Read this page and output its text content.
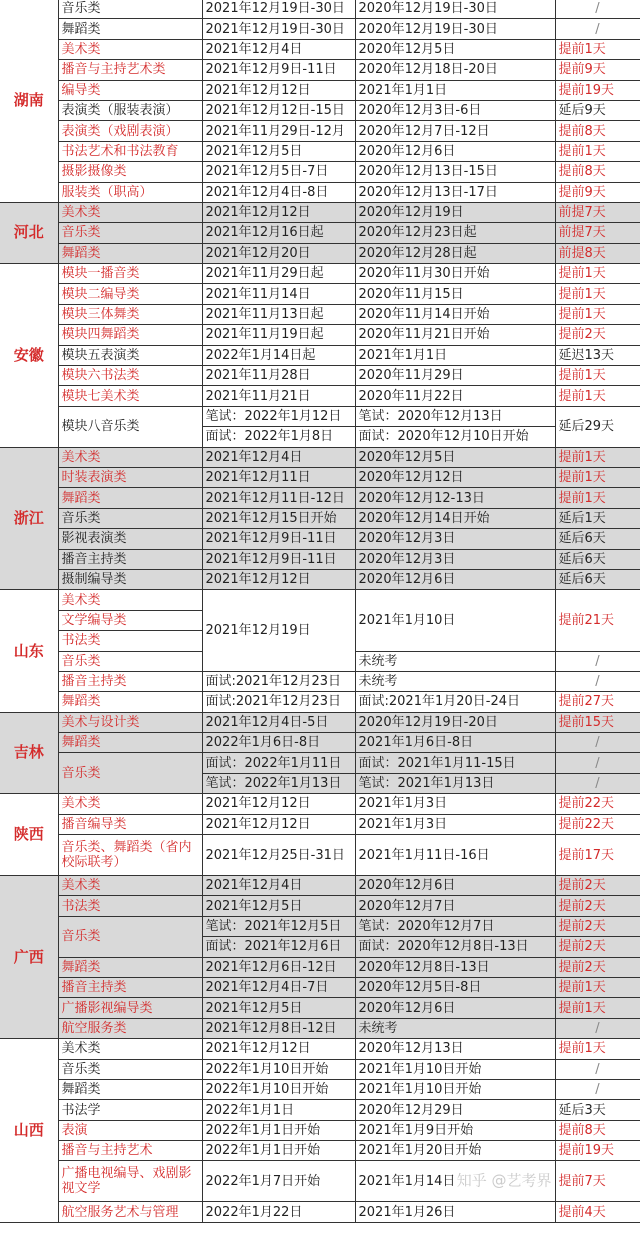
湖南	音乐类	2021年12月19日-30日	2020年12月19日-30日	/
	舞蹈类	2021年12月19日-30日	2020年12月19日-30日	/
	美术类	2021年12月4日	2020年12月5日	提前1天
	播音与主持艺术类	2021年12月9日-11日	2020年12月18日-20日	提前9天
	编导类	2021年12月12日	2021年1月1日	提前19天
	表演类（服装表演）	2021年12月12日-15日	2020年12月3日-6日	延后9天
	表演类（戏剧表演）	2021年11月29日-12月	2020年12月7日-12日	提前8天
	书法艺术和书法教育	2021年12月5日	2020年12月6日	提前1天
	摄影摄像类	2021年12月5日-7日	2020年12月13日-15日	提前8天
	服装类（职高）	2021年12月4日-8日	2020年12月13日-17日	提前9天
河北	美术类	2021年12月12日	2020年12月19日	前提7天
	音乐类	2021年12月16日起	2020年12月23日起	前提7天
	舞蹈类	2021年12月20日	2020年12月28日起	前提8天
安徽	模块一播音类	2021年11月29日起	2020年11月30日开始	提前1天
	模块二编导类	2021年11月14日	2020年11月15日	提前1天
	模块三体舞类	2021年11月13日起	2020年11月14日开始	提前1天
	模块四舞蹈类	2021年11月19日起	2020年11月21日开始	提前2天
	模块五表演类	2022年1月14日起	2021年1月1日	延迟13天
	模块六书法类	2021年11月28日	2020年11月29日	提前1天
	模块七美术类	2021年11月21日	2020年11月22日	提前1天
	模块八音乐类	笔试：2022年1月12日	笔试：2020年12月13日	延后29天
		面试：2022年1月8日	面试：2020年12月10日开始	
浙江	美术类	2021年12月4日	2020年12月5日	提前1天
	时装表演类	2021年12月11日	2020年12月12日	提前1天
	舞蹈类	2021年12月11日-12日	2020年12月12-13日	提前1天
	音乐类	2021年12月15日开始	2020年12月14日开始	延后1天
	影视表演类	2021年12月9日-11日	2020年12月3日	延后6天
	播音主持类	2021年12月9日-11日	2020年12月3日	延后6天
	摄制编导类	2021年12月12日	2020年12月6日	延后6天
山东	美术类	2021年12月19日	2021年1月10日	提前21天
	文学编导类			
	书法类			
	音乐类		未统考	/
	播音主持类	面试:2021年12月23日	未统考	/
	舞蹈类	面试:2021年12月23日	面试:2021年1月20日-24日	提前27天
吉林	美术与设计类	2021年12月4日-5日	2020年12月19日-20日	提前15天
	舞蹈类	2022年1月6日-8日	2021年1月6日-8日	/
	音乐类	面试：2022年1月11日	面试：2021年1月11-15日	/
		笔试：2022年1月13日	笔试：2021年1月13日	/
陕西	美术类	2021年12月12日	2021年1月3日	提前22天
	播音编导类	2021年12月12日	2021年1月3日	提前22天
	音乐类、舞蹈类（省内校际联考）	2021年12月25日-31日	2021年1月11日-16日	提前17天
广西	美术类	2021年12月4日	2020年12月6日	提前2天
	书法类	2021年12月5日	2020年12月7日	提前2天
	音乐类	笔试：2021年12月5日	笔试：2020年12月7日	提前2天
		面试：2021年12月6日	面试：2020年12月8日-13日	提前2天
	舞蹈类	2021年12月6日-12日	2020年12月8日-13日	提前2天
	播音主持类	2021年12月4日-7日	2020年12月5日-8日	提前1天
	广播影视编导类	2021年12月5日	2020年12月6日	提前1天
	航空服务类	2021年12月8日-12日	未统考	/
山西	美术类	2021年12月12日	2020年12月13日	提前1天
	音乐类	2022年1月10日开始	2021年1月10日开始	/
	舞蹈类	2022年1月10日开始	2021年1月10日开始	/
	书法学	2022年1月1日	2020年12月29日	延后3天
	表演	2022年1月1日开始	2021年1月9日开始	提前8天
	播音与主持艺术	2022年1月1日开始	2021年1月20日开始	提前19天
	广播电视编导、戏剧影视文学	2022年1月7日开始	2021年1月14日 知乎 @艺考界	提前7天
	航空服务艺术与管理	2022年1月22日	2021年1月26日	提前4天
